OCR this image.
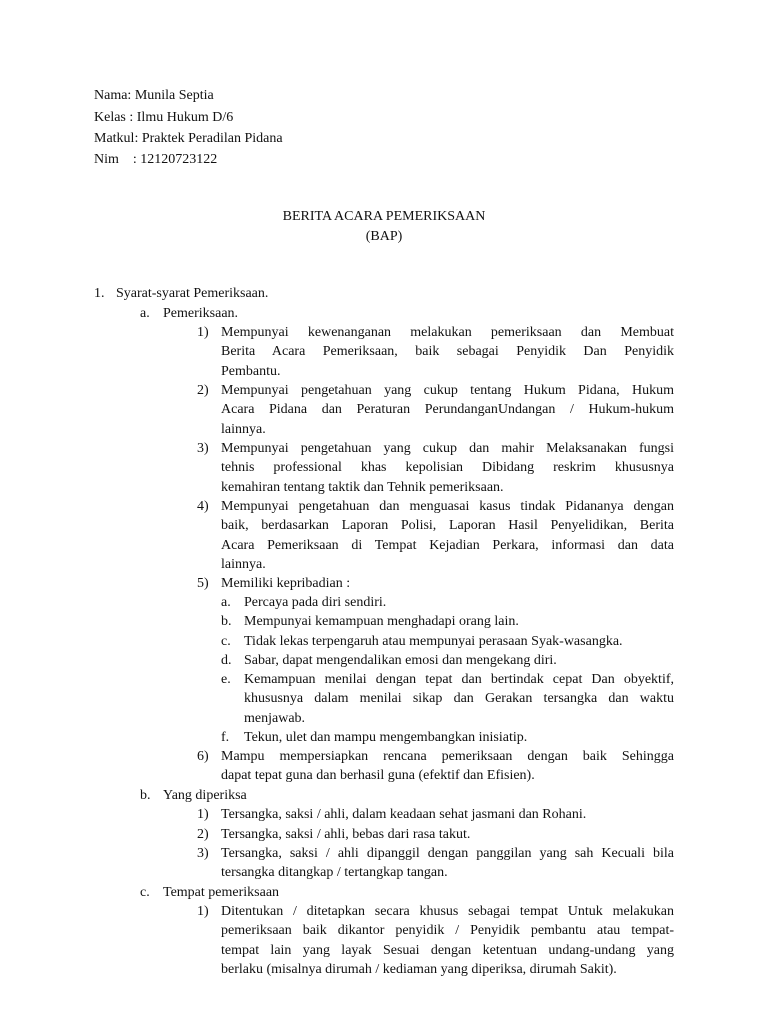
Nama: Munila Septia
Kelas : Ilmu Hukum D/6
Matkul: Praktek Peradilan Pidana
Nim    : 12120723122
BERITA ACARA PEMERIKSAAN
(BAP)
1. Syarat-syarat Pemeriksaan.
a. Pemeriksaan.
1) Mempunyai kewenanganan melakukan pemeriksaan dan Membuat

Berita Acara Pemeriksaan, baik sebagai Penyidik Dan Penyidik

Pembantu.

2) Mempunyai pengetahuan yang cukup tentang Hukum Pidana, Hukum

Acara Pidana dan Peraturan PerundanganUndangan / Hukum-hukum

lainnya.

3) Mempunyai pengetahuan yang cukup dan mahir Melaksanakan fungsi

tehnis professional khas kepolisian Dibidang reskrim khususnya

kemahiran tentang taktik dan Tehnik pemeriksaan.

4) Mempunyai pengetahuan dan menguasai kasus tindak Pidananya dengan

baik, berdasarkan Laporan Polisi, Laporan Hasil Penyelidikan, Berita

Acara Pemeriksaan di Tempat Kejadian Perkara, informasi dan data

lainnya.

5) Memiliki kepribadian :
a. Percaya pada diri sendiri.
b. Mempunyai kemampuan menghadapi orang lain.
c. Tidak lekas terpengaruh atau mempunyai perasaan Syak-wasangka.
d. Sabar, dapat mengendalikan emosi dan mengekang diri.
e. Kemampuan menilai dengan tepat dan bertindak cepat Dan obyektif,

khususnya dalam menilai sikap dan Gerakan tersangka dan waktu

menjawab.

f. Tekun, ulet dan mampu mengembangkan inisiatip.
6) Mampu mempersiapkan rencana pemeriksaan dengan baik Sehingga

dapat tepat guna dan berhasil guna (efektif dan Efisien).

b. Yang diperiksa
1) Tersangka, saksi / ahli, dalam keadaan sehat jasmani dan Rohani.
2) Tersangka, saksi / ahli, bebas dari rasa takut.
3) Tersangka, saksi / ahli dipanggil dengan panggilan yang sah Kecuali bila

tersangka ditangkap / tertangkap tangan.

c. Tempat pemeriksaan
1) Ditentukan / ditetapkan secara khusus sebagai tempat Untuk melakukan

pemeriksaan baik dikantor penyidik / Penyidik pembantu atau tempat-

tempat lain yang layak Sesuai dengan ketentuan undang-undang yang

berlaku (misalnya dirumah / kediaman yang diperiksa, dirumah Sakit).
